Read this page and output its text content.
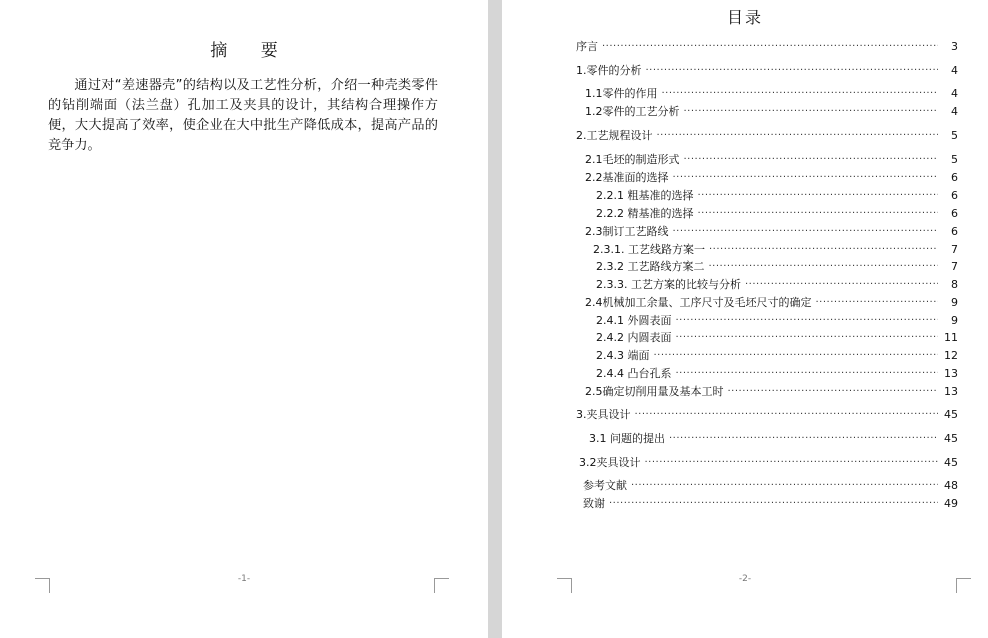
摘 要
通过对“差速器壳”的结构以及工艺性分析，介绍一种壳类零件的钻削端面（法兰盘）孔加工及夹具的设计，其结构合理操作方便，大大提高了效率，使企业在大中批生产降低成本，提高产品的竞争力。
-1-
目录
序言 ·····	3
1.零件的分析 ·····	4
1.1零件的作用 ·····	4
1.2零件的工艺分析 ·····	4
2.工艺规程设计 ·····	5
2.1毛坯的制造形式 ·····	5
2.2基准面的选择 ·····	6
2.2.1 粗基准的选择 ·····	6
2.2.2 精基准的选择 ·····	6
2.3制订工艺路线 ·····	6
2.3.1. 工艺线路方案一 ·····	7
2.3.2 工艺路线方案二 ·····	7
2.3.3. 工艺方案的比较与分析 ·····	8
2.4机械加工余量、工序尺寸及毛坯尺寸的确定 ·····	9
2.4.1 外圆表面 ·····	9
2.4.2 内圆表面 ·····	11
2.4.3 端面 ·····	12
2.4.4 凸台孔系 ·····	13
2.5确定切削用量及基本工时 ·····	13
3.夹具设计 ·····	45
3.1 问题的提出 ·····	45
3.2夹具设计 ·····	45
参考文献 ·····	48
致谢 ·····	49
-2-
